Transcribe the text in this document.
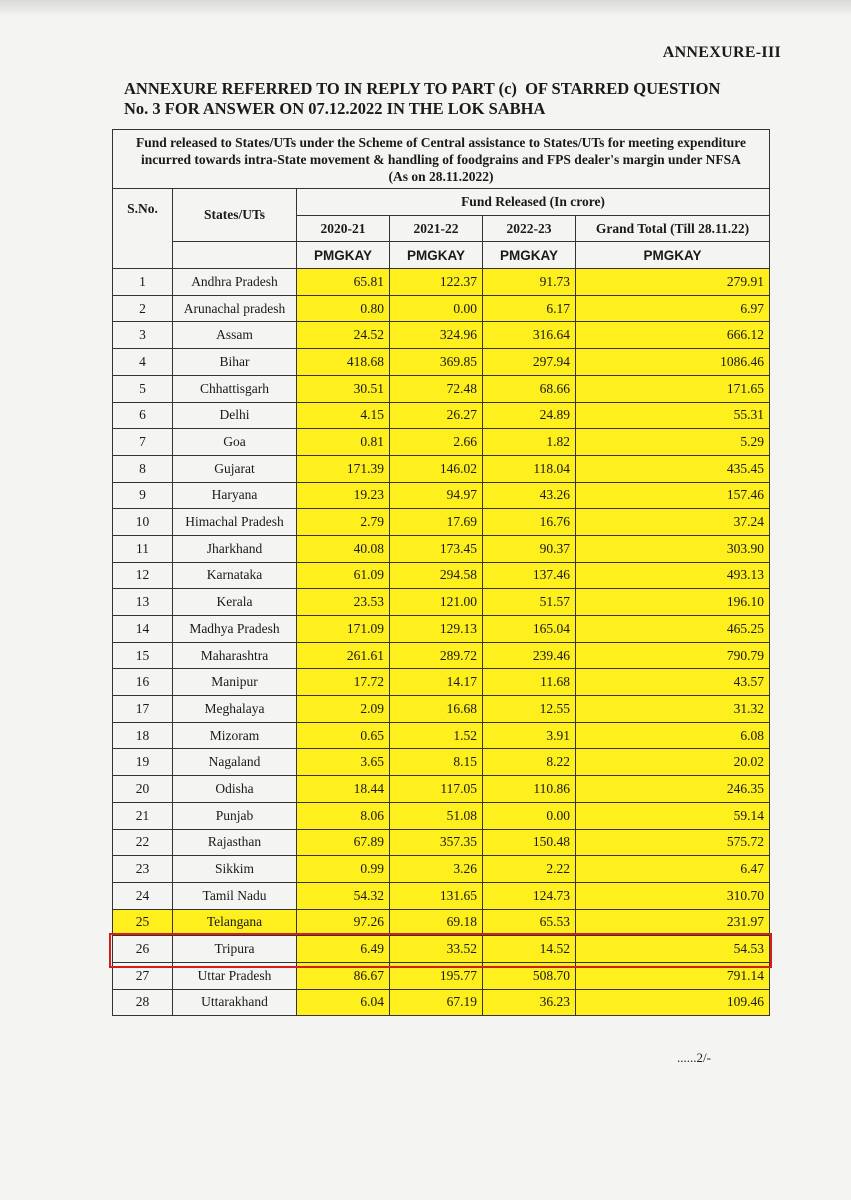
ANNEXURE-III
ANNEXURE REFERRED TO IN REPLY TO PART (c)  OF STARRED QUESTION
No. 3 FOR ANSWER ON 07.12.2022 IN THE LOK SABHA
Fund released to States/UTs under the Scheme of Central assistance to States/UTs for meeting expenditure incurred towards intra-State movement & handling of foodgrains and FPS dealer's margin under NFSA
(As on 28.11.2022)					

S.No.	States/UTs	Fund Released (In crore)			
		2020-21	2021-22	2022-23	Grand Total (Till 28.11.22)
		PMGKAY	PMGKAY	PMGKAY	PMGKAY
1	Andhra Pradesh	65.81	122.37	91.73	279.91
2	Arunachal pradesh	0.80	0.00	6.17	6.97
3	Assam	24.52	324.96	316.64	666.12
4	Bihar	418.68	369.85	297.94	1086.46
5	Chhattisgarh	30.51	72.48	68.66	171.65
6	Delhi	4.15	26.27	24.89	55.31
7	Goa	0.81	2.66	1.82	5.29
8	Gujarat	171.39	146.02	118.04	435.45
9	Haryana	19.23	94.97	43.26	157.46
10	Himachal Pradesh	2.79	17.69	16.76	37.24
11	Jharkhand	40.08	173.45	90.37	303.90
12	Karnataka	61.09	294.58	137.46	493.13
13	Kerala	23.53	121.00	51.57	196.10
14	Madhya Pradesh	171.09	129.13	165.04	465.25
15	Maharashtra	261.61	289.72	239.46	790.79
16	Manipur	17.72	14.17	11.68	43.57
17	Meghalaya	2.09	16.68	12.55	31.32
18	Mizoram	0.65	1.52	3.91	6.08
19	Nagaland	3.65	8.15	8.22	20.02
20	Odisha	18.44	117.05	110.86	246.35
21	Punjab	8.06	51.08	0.00	59.14
22	Rajasthan	67.89	357.35	150.48	575.72
23	Sikkim	0.99	3.26	2.22	6.47
24	Tamil Nadu	54.32	131.65	124.73	310.70
25	Telangana	97.26	69.18	65.53	231.97
26	Tripura	6.49	33.52	14.52	54.53
27	Uttar Pradesh	86.67	195.77	508.70	791.14
28	Uttarakhand	6.04	67.19	36.23	109.46
......2/-
